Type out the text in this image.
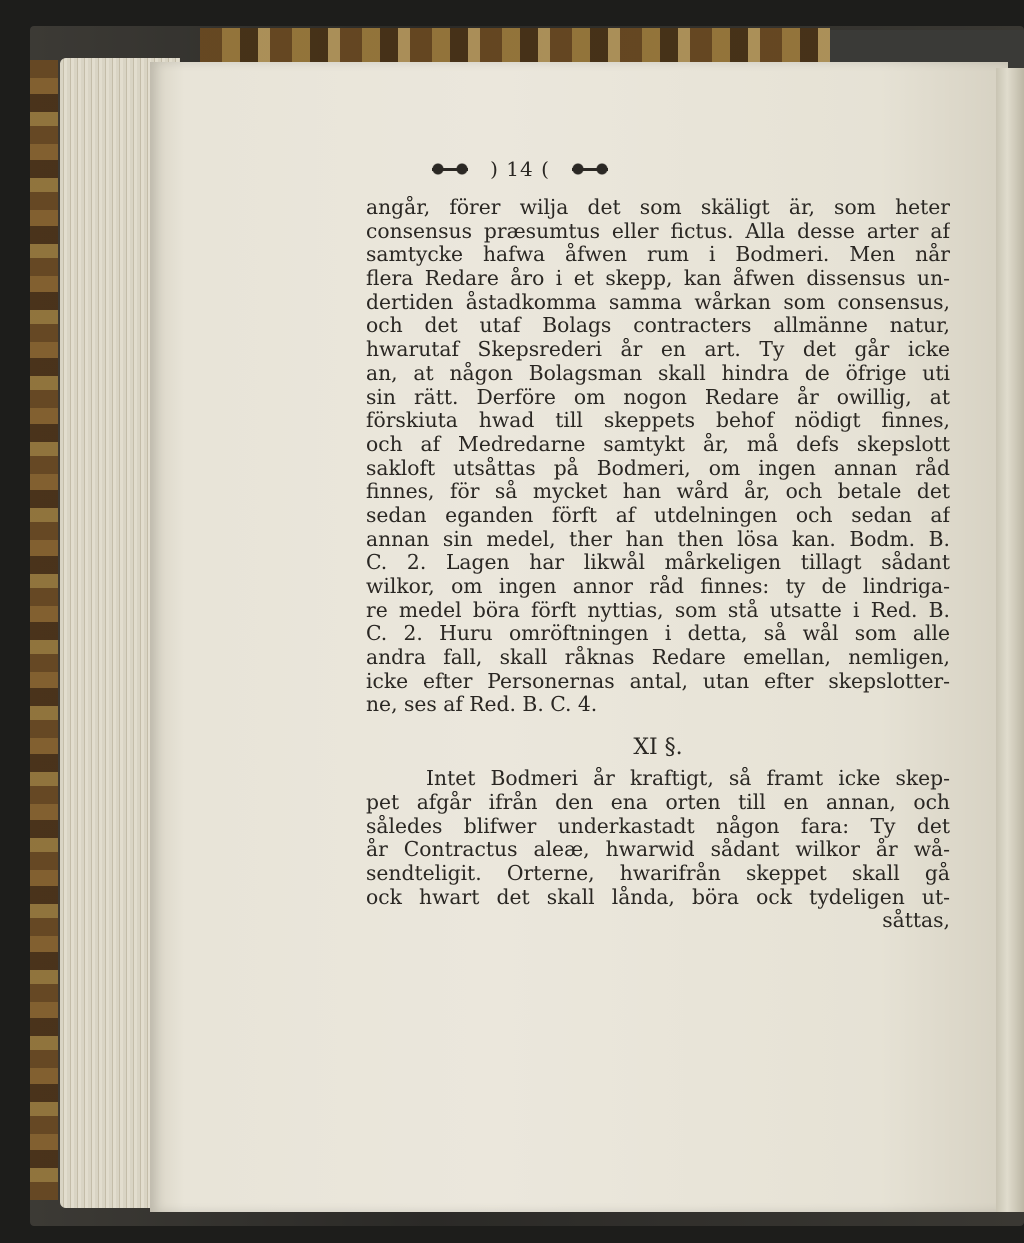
) 14 (
angår, förer wilja det som skäligt är, som heter
consensus præsumtus eller fictus. Alla desse arter af
samtycke hafwa åfwen rum i Bodmeri. Men når
flera Redare åro i et skepp, kan åfwen dissensus un-
dertiden åstadkomma samma wårkan som consensus,
och det utaf Bolags contracters allmänne natur,
hwarutaf Skepsrederi år en art. Ty det går icke
an, at någon Bolagsman skall hindra de öfrige uti
sin rätt. Derföre om nogon Redare år owillig, at
förskiuta hwad till skeppets behof nödigt finnes,
och af Medredarne samtykt år, må defs skepslott
sakloft utsåttas på Bodmeri, om ingen annan råd
finnes, för så mycket han wård år, och betale det
sedan eganden förft af utdelningen och sedan af
annan sin medel, ther han then lösa kan. Bodm. B.
C. 2. Lagen har likwål mårkeligen tillagt sådant
wilkor, om ingen annor råd finnes: ty de lindriga-
re medel böra förft nyttias, som stå utsatte i Red. B.
C. 2. Huru omröftningen i detta, så wål som alle
andra fall, skall råknas Redare emellan, nemligen,
icke efter Personernas antal, utan efter skepslotter-
ne, ses af Red. B. C. 4.
XI §.
Intet Bodmeri år kraftigt, så framt icke skep-
pet afgår ifrån den ena orten till en annan, och
således blifwer underkastadt någon fara: Ty det
år Contractus aleæ, hwarwid sådant wilkor år wå-
sendteligit. Orterne, hwarifrån skeppet skall gå
ock hwart det skall lånda, böra ock tydeligen ut-
såttas,
